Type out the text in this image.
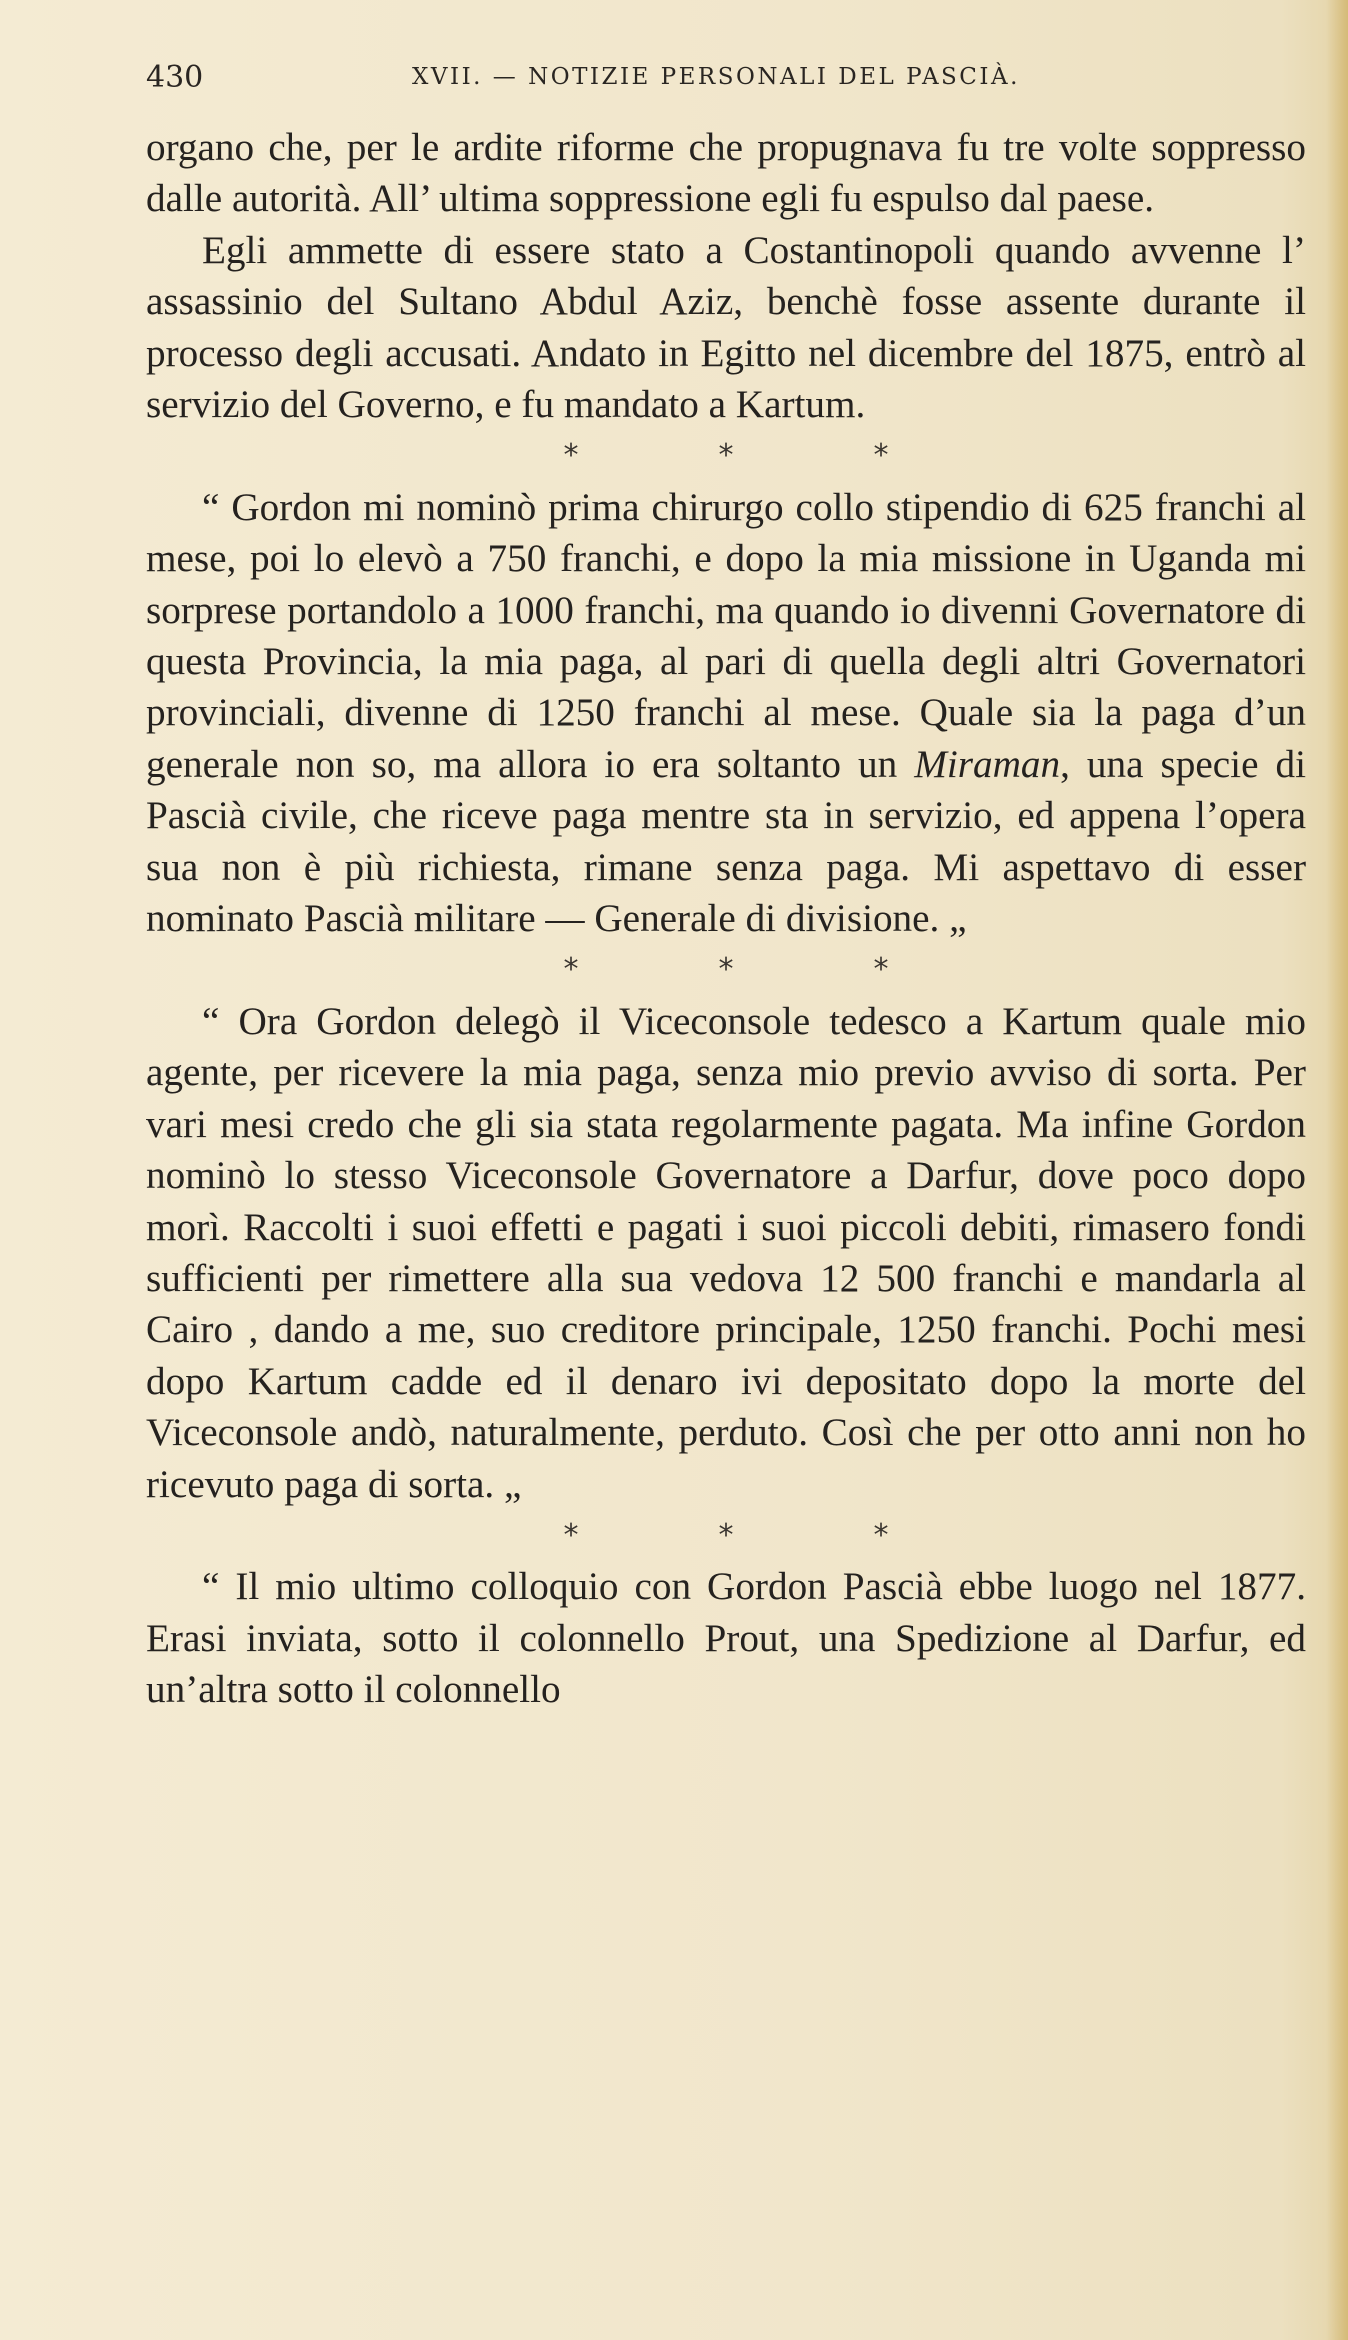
430	XVII. — NOTIZIE PERSONALI DEL PASCIÀ.

organo che, per le ardite riforme che propugnava fu tre volte soppresso dalle autorità. All’ ultima soppressione egli fu espulso dal paese.

Egli ammette di essere stato a Costantinopoli quando avvenne l’ assassinio del Sultano Abdul Aziz, benchè fosse assente durante il processo degli accusati. Andato in Egitto nel dicembre del 1875, entrò al servizio del Governo, e fu mandato a Kartum.

*	*	*

“ Gordon mi nominò prima chirurgo collo stipendio di 625 franchi al mese, poi lo elevò a 750 franchi, e dopo la mia missione in Uganda mi sorprese portandolo a 1000 franchi, ma quando io divenni Governatore di questa Provincia, la mia paga, al pari di quella degli altri Governatori provinciali, divenne di 1250 franchi al mese. Quale sia la paga d’un generale non so, ma allora io era soltanto un Miraman, una specie di Pascià civile, che riceve paga mentre sta in servizio, ed appena l’opera sua non è più richiesta, rimane senza paga. Mi aspettavo di esser nominato Pascià militare — Generale di divisione. „

*	*	*

“ Ora Gordon delegò il Viceconsole tedesco a Kartum quale mio agente, per ricevere la mia paga, senza mio previo avviso di sorta. Per vari mesi credo che gli sia stata regolarmente pagata. Ma infine Gordon nominò lo stesso Viceconsole Governatore a Darfur, dove poco dopo morì. Raccolti i suoi effetti e pagati i suoi piccoli debiti, rimasero fondi sufficienti per rimettere alla sua vedova 12 500 franchi e mandarla al Cairo , dando a me, suo creditore principale, 1250 franchi. Pochi mesi dopo Kartum cadde ed il denaro ivi depositato dopo la morte del Viceconsole andò, naturalmente, perduto. Così che per otto anni non ho ricevuto paga di sorta. „

*	*	*

“ Il mio ultimo colloquio con Gordon Pascià ebbe luogo nel 1877. Erasi inviata, sotto il colonnello Prout, una Spedizione al Darfur, ed un’altra sotto il colonnello
